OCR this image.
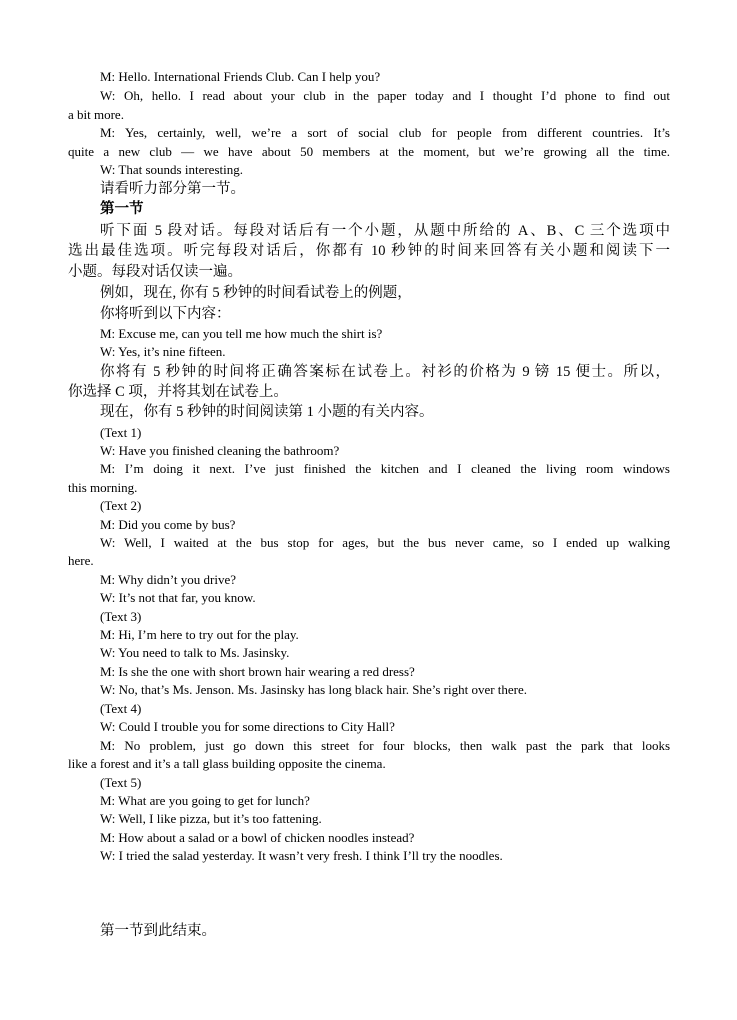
M: Hello. International Friends Club. Can I help you?
W: Oh, hello. I read about your club in the paper today and I thought I’d phone to find out
a bit more.
M: Yes, certainly, well, we’re a sort of social club for people from different countries. It’s
quite a new club — we have about 50 members at the moment, but we’re growing all the time.
W: That sounds interesting.
请看听力部分第一节。
第一节
听下面 5 段对话。每段对话后有一个小题，从题中所给的 A、B、C 三个选项中
选出最佳选项。听完每段对话后，你都有 10 秒钟的时间来回答有关小题和阅读下一
小题。每段对话仅读一遍。
例如，现在, 你有 5 秒钟的时间看试卷上的例题，
你将听到以下内容：
M: Excuse me, can you tell me how much the shirt is?
W: Yes, it’s nine fifteen.
你将有 5 秒钟的时间将正确答案标在试卷上。衬衫的价格为 9 镑 15 便士。所以，
你选择 C 项，并将其划在试卷上。
现在，你有 5 秒钟的时间阅读第 1 小题的有关内容。
(Text 1)
W: Have you finished cleaning the bathroom?
M: I’m doing it next. I’ve just finished the kitchen and I cleaned the living room windows
this morning.
(Text 2)
M: Did you come by bus?
W: Well, I waited at the bus stop for ages, but the bus never came, so I ended up walking
here.
M: Why didn’t you drive?
W: It’s not that far, you know.
(Text 3)
M: Hi, I’m here to try out for the play.
W: You need to talk to Ms. Jasinsky.
M: Is she the one with short brown hair wearing a red dress?
W: No, that’s Ms. Jenson. Ms. Jasinsky has long black hair. She’s right over there.
(Text 4)
W: Could I trouble you for some directions to City Hall?
M: No problem, just go down this street for four blocks, then walk past the park that looks
like a forest and it’s a tall glass building opposite the cinema.
(Text 5)
M: What are you going to get for lunch?
W: Well, I like pizza, but it’s too fattening.
M: How about a salad or a bowl of chicken noodles instead?
W: I tried the salad yesterday. It wasn’t very fresh. I think I’ll try the noodles.
第一节到此结束。
